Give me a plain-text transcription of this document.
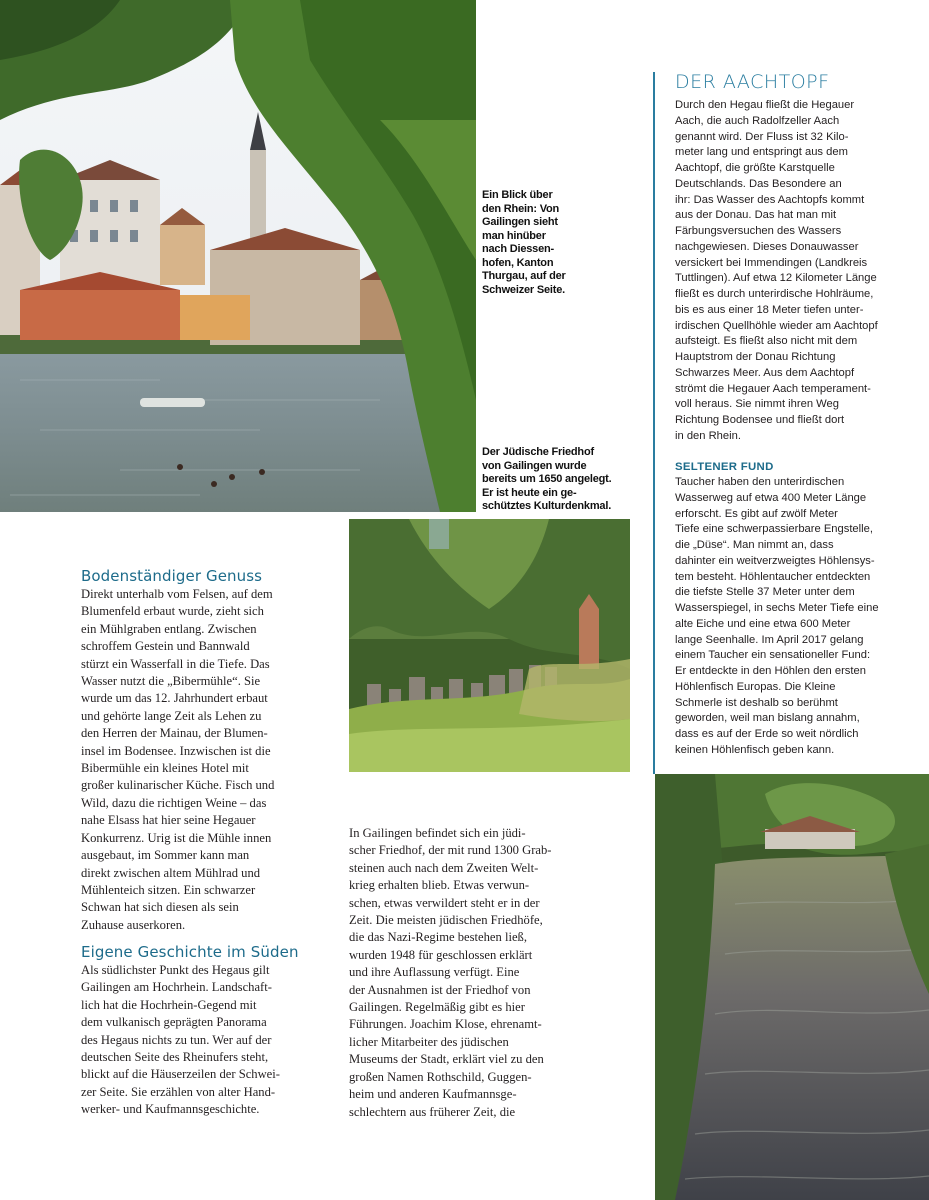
Ein Blick über
den Rhein: Von
Gailingen sieht
man hinüber
nach Diessen-
hofen, Kanton
Thurgau, auf der
Schweizer Seite.
Der Jüdische Friedhof
von Gailingen wurde
bereits um 1650 angelegt.
Er ist heute ein ge-
schütztes Kulturdenkmal.
Bodenständiger Genuss
Direkt unterhalb vom Felsen, auf dem
Blumenfeld erbaut wurde, zieht sich
ein Mühlgraben entlang. Zwischen
schroffem Gestein und Bannwald
stürzt ein Wasserfall in die Tiefe. Das
Wasser nutzt die „Bibermühle“. Sie
wurde um das 12. Jahrhundert erbaut
und gehörte lange Zeit als Lehen zu
den Herren der Mainau, der Blumen-
insel im Bodensee. Inzwischen ist die
Bibermühle ein kleines Hotel mit
großer kulinarischer Küche. Fisch und
Wild, dazu die richtigen Weine – das
nahe Elsass hat hier seine Hegauer
Konkurrenz. Urig ist die Mühle innen
ausgebaut, im Sommer kann man
direkt zwischen altem Mühlrad und
Mühlenteich sitzen. Ein schwarzer
Schwan hat sich diesen als sein
Zuhause auserkoren.
Eigene Geschichte im Süden
Als südlichster Punkt des Hegaus gilt
Gailingen am Hochrhein. Landschaft-
lich hat die Hochrhein-Gegend mit
dem vulkanisch geprägten Panorama
des Hegaus nichts zu tun. Wer auf der
deutschen Seite des Rheinufers steht,
blickt auf die Häuserzeilen der Schwei-
zer Seite. Sie erzählen von alter Hand-
werker- und Kaufmannsgeschichte.
In Gailingen befindet sich ein jüdi-
scher Friedhof, der mit rund 1300 Grab-
steinen auch nach dem Zweiten Welt-
krieg erhalten blieb. Etwas verwun-
schen, etwas verwildert steht er in der
Zeit. Die meisten jüdischen Friedhöfe,
die das Nazi-Regime bestehen ließ,
wurden 1948 für geschlossen erklärt
und ihre Auflassung verfügt. Eine
der Ausnahmen ist der Friedhof von
Gailingen. Regelmäßig gibt es hier
Führungen. Joachim Klose, ehrenamt-
licher Mitarbeiter des jüdischen
Museums der Stadt, erklärt viel zu den
großen Namen Rothschild, Guggen-
heim und anderen Kaufmannsge-
schlechtern aus früherer Zeit, die
DER AACHTOPF
Durch den Hegau fließt die Hegauer
Aach, die auch Radolfzeller Aach
genannt wird. Der Fluss ist 32 Kilo-
meter lang und entspringt aus dem
Aachtopf, die größte Karstquelle
Deutschlands. Das Besondere an
ihr: Das Wasser des Aachtopfs kommt
aus der Donau. Das hat man mit
Färbungsversuchen des Wassers
nachgewiesen. Dieses Donauwasser
versickert bei Immendingen (Landkreis
Tuttlingen). Auf etwa 12 Kilometer Länge
fließt es durch unterirdische Hohlräume,
bis es aus einer 18 Meter tiefen unter-
irdischen Quellhöhle wieder am Aachtopf
aufsteigt. Es fließt also nicht mit dem
Hauptstrom der Donau Richtung
Schwarzes Meer. Aus dem Aachtopf
strömt die Hegauer Aach temperament-
voll heraus. Sie nimmt ihren Weg
Richtung Bodensee und fließt dort
in den Rhein.
SELTENER FUND
Taucher haben den unterirdischen
Wasserweg auf etwa 400 Meter Länge
erforscht. Es gibt auf zwölf Meter
Tiefe eine schwerpassierbare Engstelle,
die „Düse“. Man nimmt an, dass
dahinter ein weitverzweigtes Höhlensys-
tem besteht. Höhlentaucher entdeckten
die tiefste Stelle 37 Meter unter dem
Wasserspiegel, in sechs Meter Tiefe eine
alte Eiche und eine etwa 600 Meter
lange Seenhalle. Im April 2017 gelang
einem Taucher ein sensationeller Fund:
Er entdeckte in den Höhlen den ersten
Höhlenfisch Europas. Die Kleine
Schmerle ist deshalb so berühmt
geworden, weil man bislang annahm,
dass es auf der Erde so weit nördlich
keinen Höhlenfisch geben kann.
